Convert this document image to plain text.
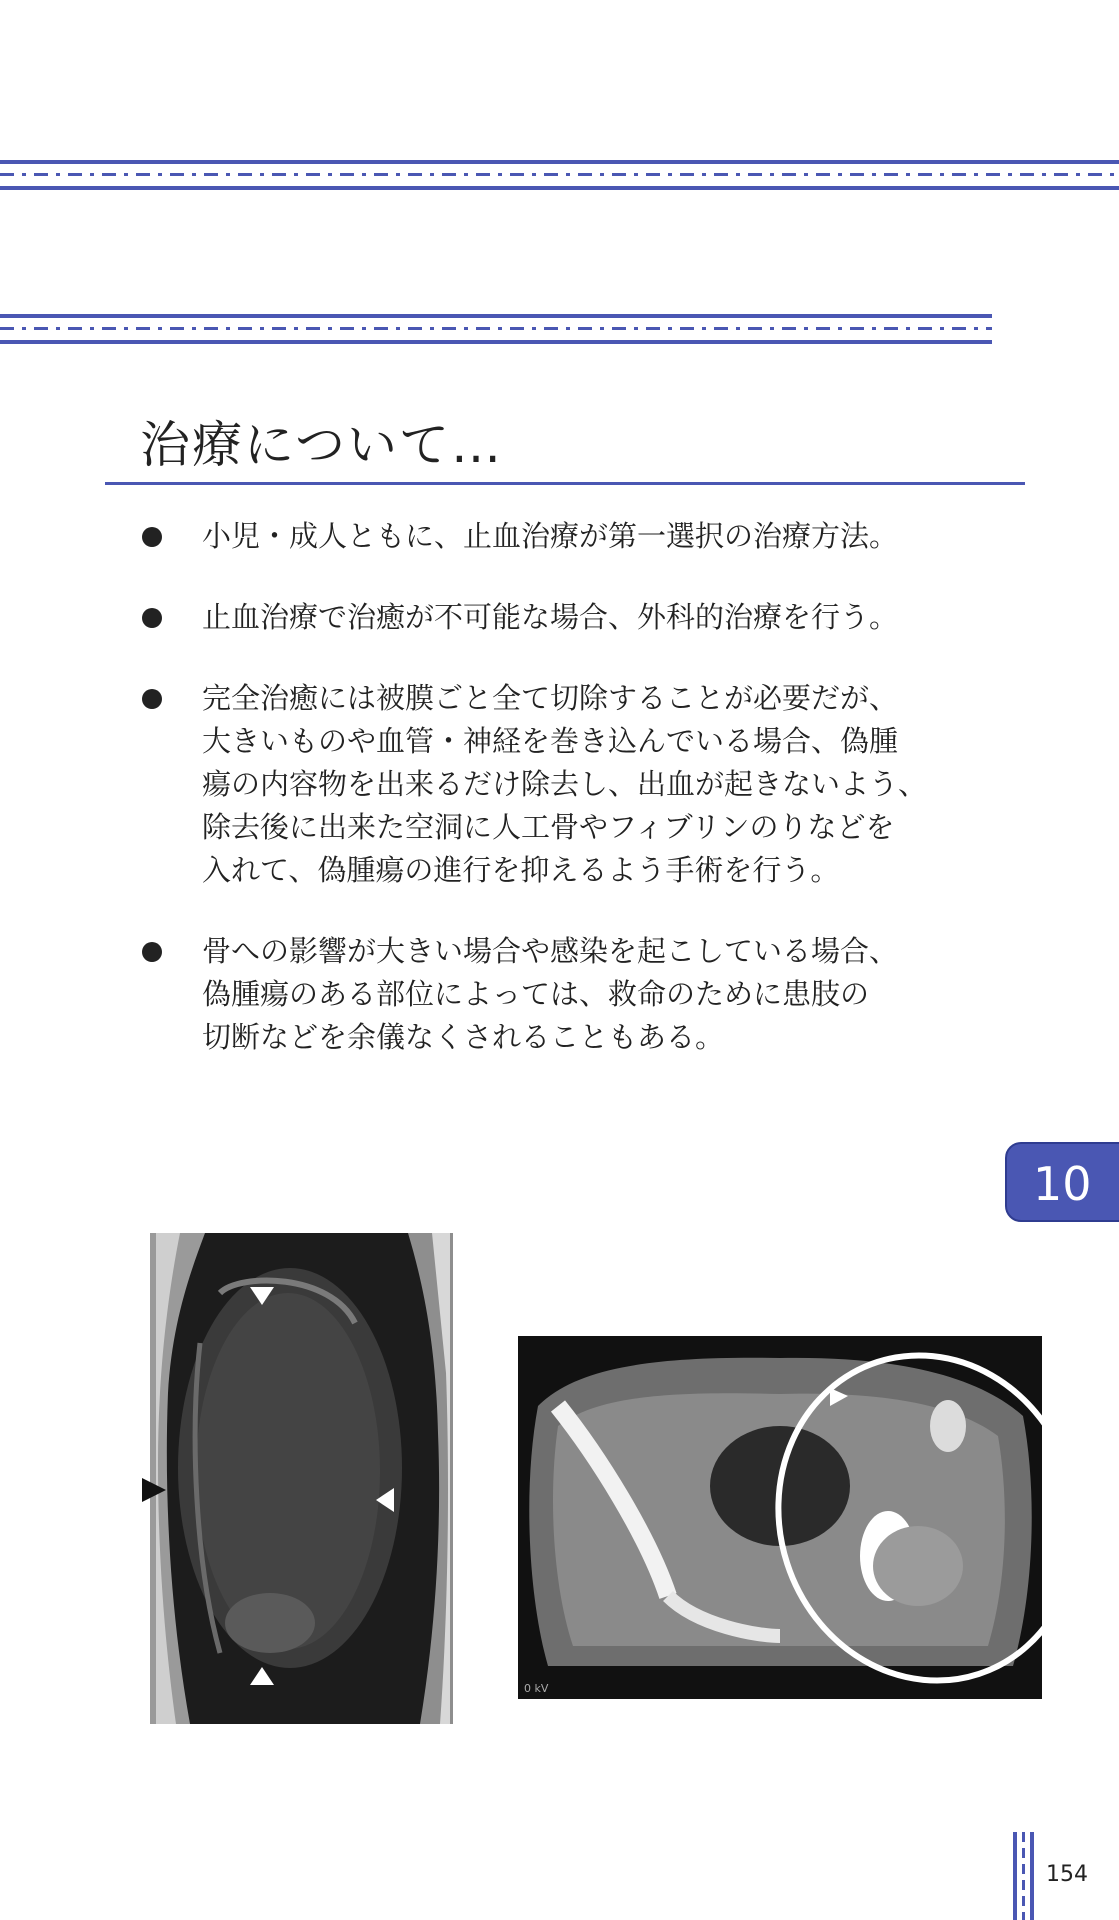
治療について…
小児・成人ともに、止血治療が第一選択の治療方法。
止血治療で治癒が不可能な場合、外科的治療を行う。
完全治癒には被膜ごと全て切除することが必要だが、
大きいものや血管・神経を巻き込んでいる場合、偽腫
瘍の内容物を出来るだけ除去し、出血が起きないよう、
除去後に出来た空洞に人工骨やフィブリンのりなどを
入れて、偽腫瘍の進行を抑えるよう手術を行う。
骨への影響が大きい場合や感染を起こしている場合、
偽腫瘍のある部位によっては、救命のために患肢の
切断などを余儀なくされることもある。
10
0 kV
154
